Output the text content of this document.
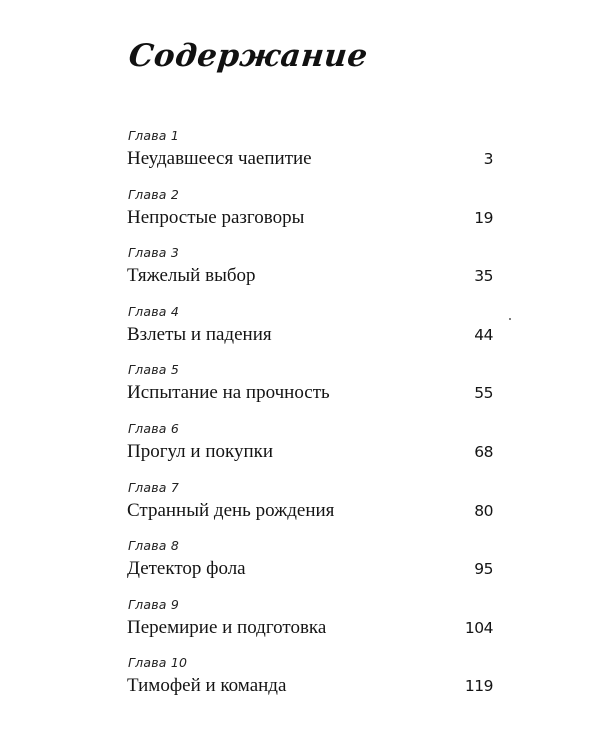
Содержание
Глава 1
Неудавшееся чаепитие	3
Глава 2
Непростые разговоры	19
Глава 3
Тяжелый выбор	35
Глава 4
Взлеты и падения	44
Глава 5
Испытание на прочность	55
Глава 6
Прогул и покупки	68
Глава 7
Странный день рождения	80
Глава 8
Детектор фола	95
Глава 9
Перемирие и подготовка	104
Глава 10
Тимофей и команда	119
